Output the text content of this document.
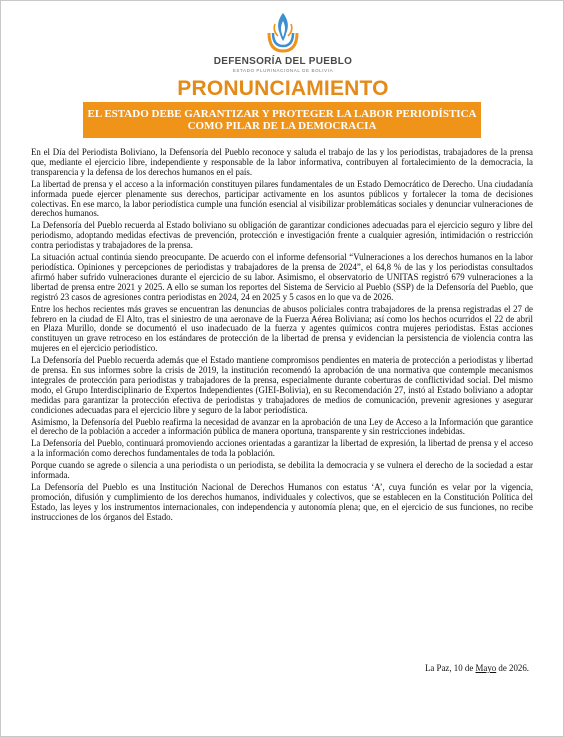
DEFENSORÍA DEL PUEBLO
ESTADO PLURINACIONAL DE BOLIVIA
PRONUNCIAMIENTO
EL ESTADO DEBE GARANTIZAR Y PROTEGER LA LABOR PERIODÍSTICA
COMO PILAR DE LA DEMOCRACIA

En el Día del Periodista Boliviano, la Defensoría del Pueblo reconoce y saluda el trabajo de las y los periodistas, trabajadores de la prensa que, mediante el ejercicio libre, independiente y responsable de la labor informativa, contribuyen al fortalecimiento de la democracia, la transparencia y la defensa de los derechos humanos en el país.

La libertad de prensa y el acceso a la información constituyen pilares fundamentales de un Estado Democrático de Derecho. Una ciudadanía informada puede ejercer plenamente sus derechos, participar activamente en los asuntos públicos y fortalecer la toma de decisiones colectivas. En ese marco, la labor periodística cumple una función esencial al visibilizar problemáticas sociales y denunciar vulneraciones de derechos humanos.

La Defensoría del Pueblo recuerda al Estado boliviano su obligación de garantizar condiciones adecuadas para el ejercicio seguro y libre del periodismo, adoptando medidas efectivas de prevención, protección e investigación frente a cualquier agresión, intimidación o restricción contra periodistas y trabajadores de la prensa.

La situación actual continúa siendo preocupante. De acuerdo con el informe defensorial “Vulneraciones a los derechos humanos en la labor periodística. Opiniones y percepciones de periodistas y trabajadores de la prensa de 2024”, el 64,8 % de las y los periodistas consultados afirmó haber sufrido vulneraciones durante el ejercicio de su labor. Asimismo, el observatorio de UNITAS registró 679 vulneraciones a la libertad de prensa entre 2021 y 2025. A ello se suman los reportes del Sistema de Servicio al Pueblo (SSP) de la Defensoría del Pueblo, que registró 23 casos de agresiones contra periodistas en 2024, 24 en 2025 y 5 casos en lo que va de 2026.

Entre los hechos recientes más graves se encuentran las denuncias de abusos policiales contra trabajadores de la prensa registradas el 27 de febrero en la ciudad de El Alto, tras el siniestro de una aeronave de la Fuerza Aérea Boliviana; así como los hechos ocurridos el 22 de abril en Plaza Murillo, donde se documentó el uso inadecuado de la fuerza y agentes químicos contra mujeres periodistas. Estas acciones constituyen un grave retroceso en los estándares de protección de la libertad de prensa y evidencian la persistencia de violencia contra las mujeres en el ejercicio periodístico.

La Defensoría del Pueblo recuerda además que el Estado mantiene compromisos pendientes en materia de protección a periodistas y libertad de prensa. En sus informes sobre la crisis de 2019, la institución recomendó la aprobación de una normativa que contemple mecanismos integrales de protección para periodistas y trabajadores de la prensa, especialmente durante coberturas de conflictividad social. Del mismo modo, el Grupo Interdisciplinario de Expertos Independientes (GIEI-Bolivia), en su Recomendación 27, instó al Estado boliviano a adoptar medidas para garantizar la protección efectiva de periodistas y trabajadores de medios de comunicación, prevenir agresiones y asegurar condiciones adecuadas para el ejercicio libre y seguro de la labor periodística.

Asimismo, la Defensoría del Pueblo reafirma la necesidad de avanzar en la aprobación de una Ley de Acceso a la Información que garantice el derecho de la población a acceder a información pública de manera oportuna, transparente y sin restricciones indebidas.

La Defensoría del Pueblo, continuará promoviendo acciones orientadas a garantizar la libertad de expresión, la libertad de prensa y el acceso a la información como derechos fundamentales de toda la población.

Porque cuando se agrede o silencia a una periodista o un periodista, se debilita la democracia y se vulnera el derecho de la sociedad a estar informada.

La Defensoría del Pueblo es una Institución Nacional de Derechos Humanos con estatus ‘A’, cuya función es velar por la vigencia, promoción, difusión y cumplimiento de los derechos humanos, individuales y colectivos, que se establecen en la Constitución Política del Estado, las leyes y los instrumentos internacionales, con independencia y autonomía plena; que, en el ejercicio de sus funciones, no recibe instrucciones de los órganos del Estado.

La Paz, 10 de Mayo de 2026.
